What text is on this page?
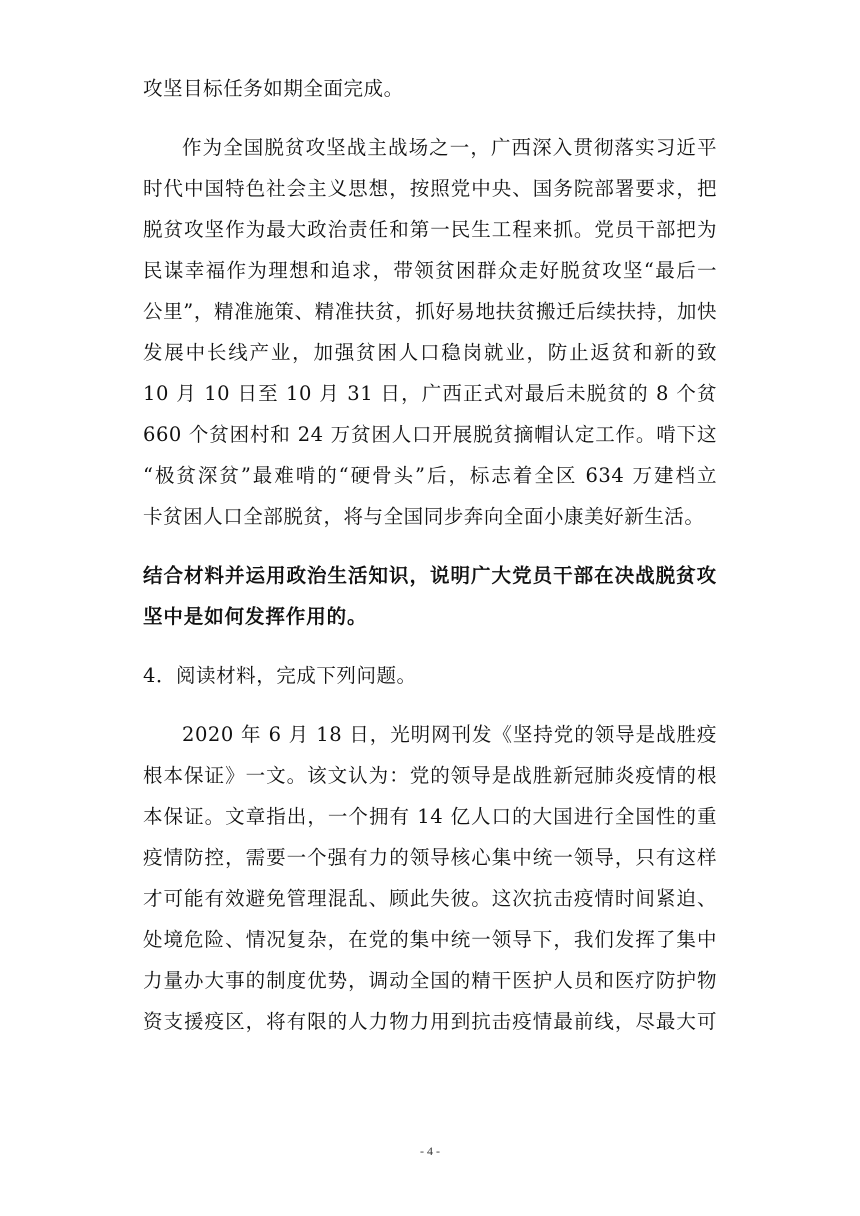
攻坚目标任务如期全面完成。
作为全国脱贫攻坚战主战场之一，广西深入贯彻落实习近平
时代中国特色社会主义思想，按照党中央、国务院部署要求，把
脱贫攻坚作为最大政治责任和第一民生工程来抓。党员干部把为
民谋幸福作为理想和追求，带领贫困群众走好脱贫攻坚“最后一
公里”，精准施策、精准扶贫，抓好易地扶贫搬迁后续扶持，加快
发展中长线产业，加强贫困人口稳岗就业，防止返贫和新的致
10 月 10 日至 10 月 31 日，广西正式对最后未脱贫的 8 个贫
660 个贫困村和 24 万贫困人口开展脱贫摘帽认定工作。啃下这
“极贫深贫”最难啃的“硬骨头”后，标志着全区 634 万建档立
卡贫困人口全部脱贫，将与全国同步奔向全面小康美好新生活。
结合材料并运用政治生活知识，说明广大党员干部在决战脱贫攻
坚中是如何发挥作用的。
4．阅读材料，完成下列问题。
2020 年 6 月 18 日，光明网刊发《坚持党的领导是战胜疫
根本保证》一文。该文认为：党的领导是战胜新冠肺炎疫情的根
本保证。文章指出，一个拥有 14 亿人口的大国进行全国性的重
疫情防控，需要一个强有力的领导核心集中统一领导，只有这样
才可能有效避免管理混乱、顾此失彼。这次抗击疫情时间紧迫、
处境危险、情况复杂，在党的集中统一领导下，我们发挥了集中
力量办大事的制度优势，调动全国的精干医护人员和医疗防护物
资支援疫区，将有限的人力物力用到抗击疫情最前线，尽最大可
- 4 -
